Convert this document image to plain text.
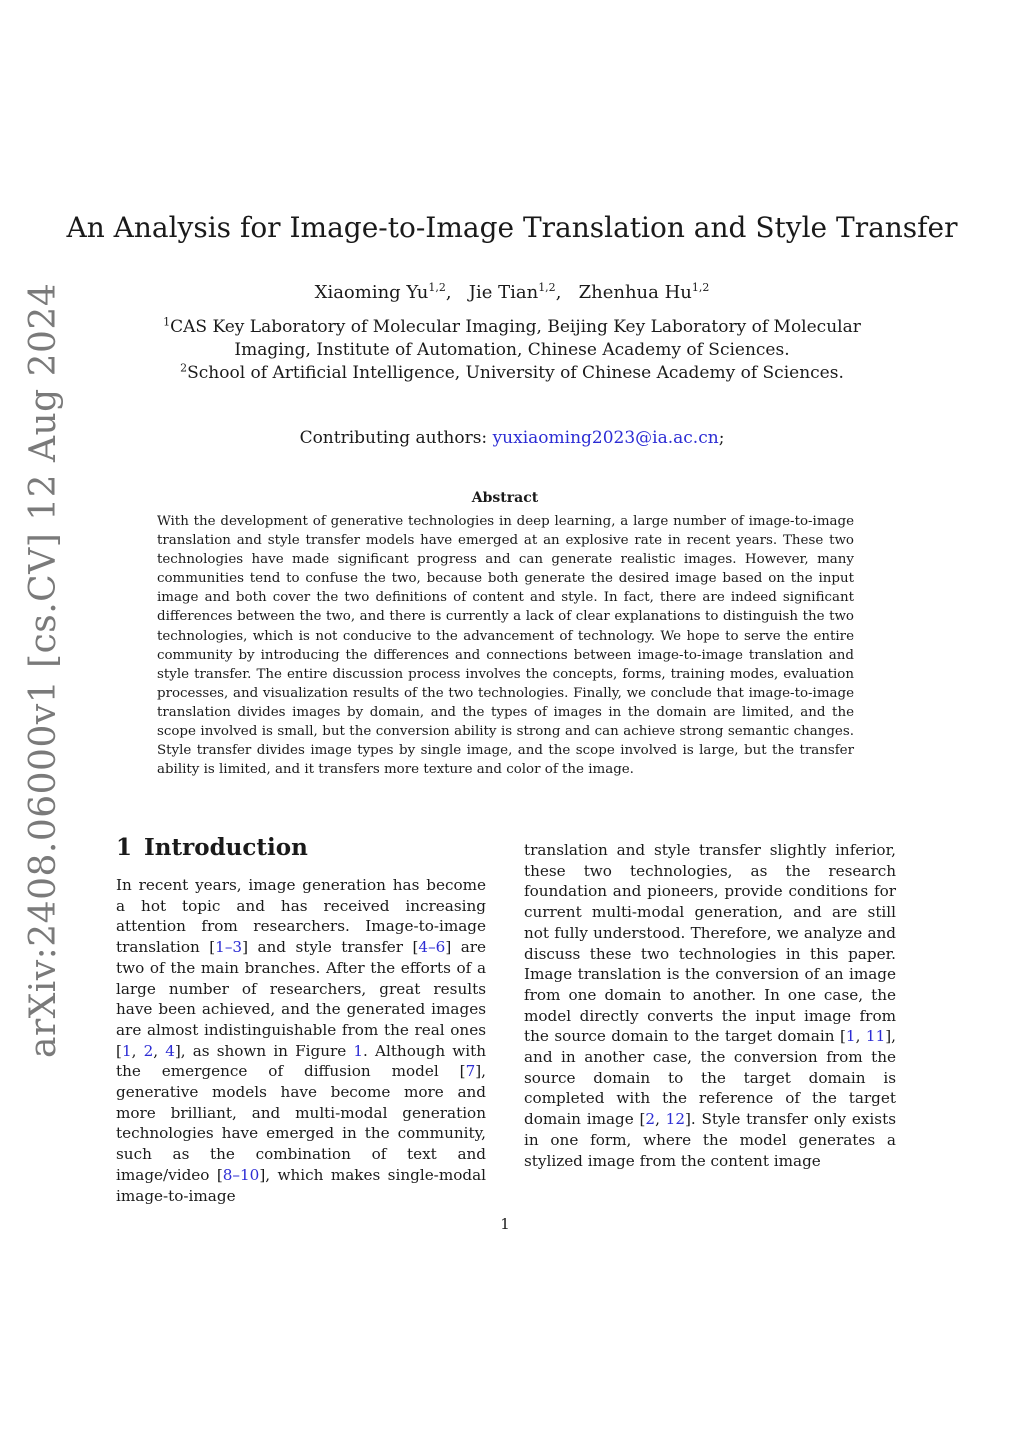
arXiv:2408.06000v1 [cs.CV] 12 Aug 2024
An Analysis for Image-to-Image Translation and Style Transfer
Xiaoming Yu$^{1,2}$, Jie Tian$^{1,2}$, Zhenhua Hu$^{1,2}$
$^1$CAS Key Laboratory of Molecular Imaging, Beijing Key Laboratory of Molecular Imaging, Institute of Automation, Chinese Academy of Sciences.
$^2$School of Artificial Intelligence, University of Chinese Academy of Sciences.
Contributing authors: yuxiaoming2023@ia.ac.cn;
Abstract
With the development of generative technologies in deep learning, a large number of image-to-image translation and style transfer models have emerged at an explosive rate in recent years. These two technologies have made significant progress and can generate realistic images. However, many communities tend to confuse the two, because both generate the desired image based on the input image and both cover the two definitions of content and style. In fact, there are indeed significant differences between the two, and there is currently a lack of clear explanations to distinguish the two technologies, which is not conducive to the advancement of technology. We hope to serve the entire community by introducing the differences and connections between image-to-image translation and style transfer. The entire discussion process involves the concepts, forms, training modes, evaluation processes, and visualization results of the two technologies. Finally, we conclude that image-to-image translation divides images by domain, and the types of images in the domain are limited, and the scope involved is small, but the conversion ability is strong and can achieve strong semantic changes. Style transfer divides image types by single image, and the scope involved is large, but the transfer ability is limited, and it transfers more texture and color of the image.
1 Introduction
In recent years, image generation has become a hot topic and has received increasing attention from researchers. Image-to-image translation [1–3] and style transfer [4–6] are two of the main branches. After the efforts of a large number of researchers, great results have been achieved, and the generated images are almost indistinguishable from the real ones [1, 2, 4], as shown in Figure 1. Although with the emergence of diffusion model [7], generative models have become more and more brilliant, and multi-modal generation technologies have emerged in the community, such as the combination of text and image/video [8–10], which makes single-modal image-to-image
translation and style transfer slightly inferior, these two technologies, as the research foundation and pioneers, provide conditions for current multi-modal generation, and are still not fully understood. Therefore, we analyze and discuss these two technologies in this paper. Image translation is the conversion of an image from one domain to another. In one case, the model directly converts the input image from the source domain to the target domain [1, 11], and in another case, the conversion from the source domain to the target domain is completed with the reference of the target domain image [2, 12]. Style transfer only exists in one form, where the model generates a stylized image from the content image
1
